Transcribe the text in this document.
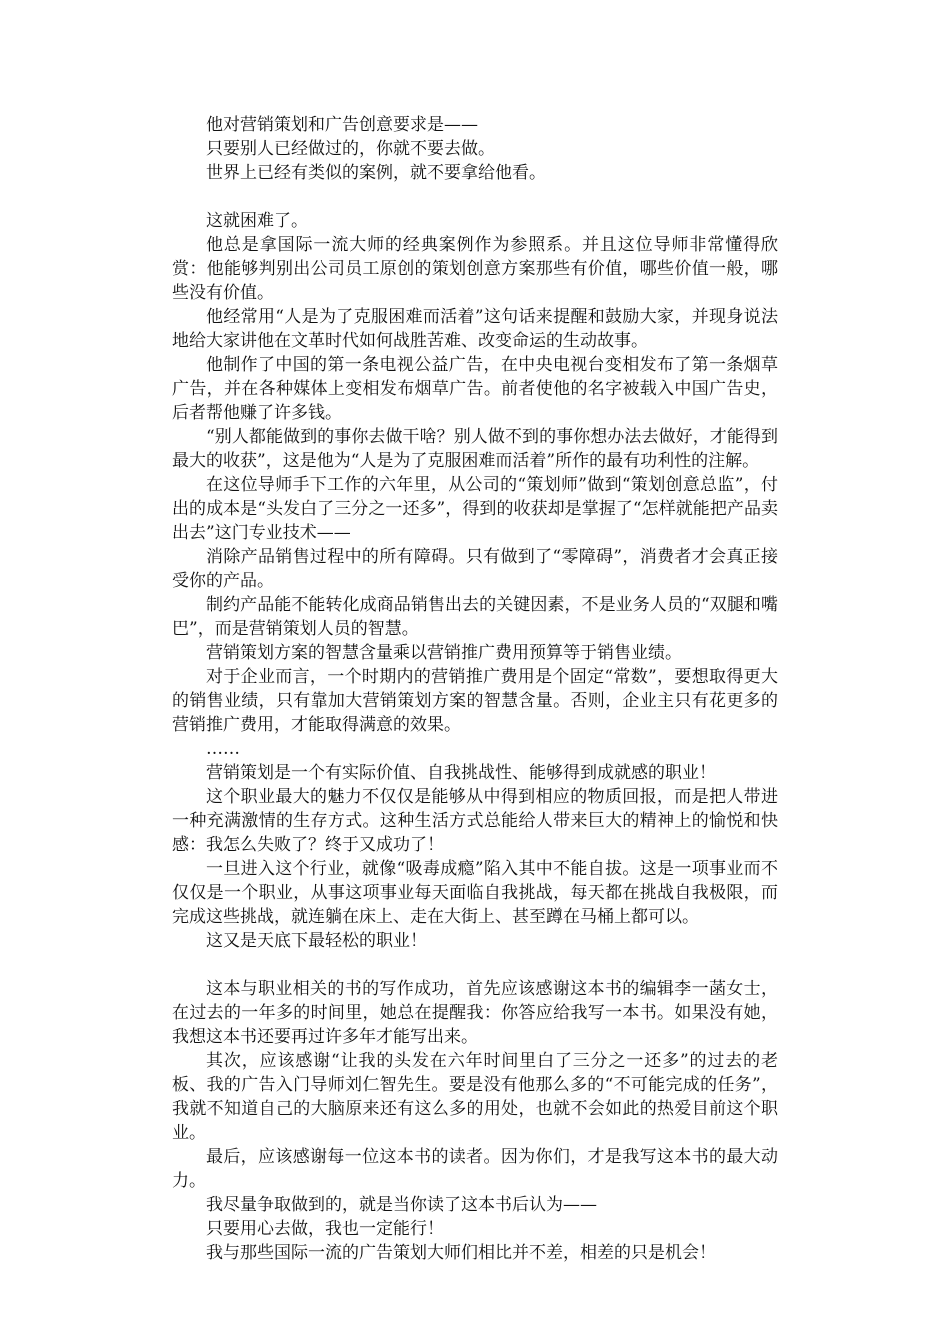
他对营销策划和广告创意要求是——

只要别人已经做过的，你就不要去做。

世界上已经有类似的案例，就不要拿给他看。

这就困难了。

他总是拿国际一流大师的经典案例作为参照系。并且这位导师非常懂得欣赏：他能够判别出公司员工原创的策划创意方案那些有价值，哪些价值一般，哪些没有价值。

他经常用“人是为了克服困难而活着”这句话来提醒和鼓励大家，并现身说法地给大家讲他在文革时代如何战胜苦难、改变命运的生动故事。

他制作了中国的第一条电视公益广告，在中央电视台变相发布了第一条烟草广告，并在各种媒体上变相发布烟草广告。前者使他的名字被载入中国广告史，后者帮他赚了许多钱。

“别人都能做到的事你去做干啥？别人做不到的事你想办法去做好，才能得到最大的收获”，这是他为“人是为了克服困难而活着”所作的最有功利性的注解。

在这位导师手下工作的六年里，从公司的“策划师”做到“策划创意总监”，付出的成本是“头发白了三分之一还多”，得到的收获却是掌握了“怎样就能把产品卖出去”这门专业技术——

消除产品销售过程中的所有障碍。只有做到了“零障碍”，消费者才会真正接受你的产品。

制约产品能不能转化成商品销售出去的关键因素，不是业务人员的“双腿和嘴巴”，而是营销策划人员的智慧。

营销策划方案的智慧含量乘以营销推广费用预算等于销售业绩。

对于企业而言，一个时期内的营销推广费用是个固定“常数”，要想取得更大的销售业绩，只有靠加大营销策划方案的智慧含量。否则，企业主只有花更多的营销推广费用，才能取得满意的效果。

……

营销策划是一个有实际价值、自我挑战性、能够得到成就感的职业！

这个职业最大的魅力不仅仅是能够从中得到相应的物质回报，而是把人带进一种充满激情的生存方式。这种生活方式总能给人带来巨大的精神上的愉悦和快感：我怎么失败了？终于又成功了！

一旦进入这个行业，就像“吸毒成瘾”陷入其中不能自拔。这是一项事业而不仅仅是一个职业，从事这项事业每天面临自我挑战，每天都在挑战自我极限，而完成这些挑战，就连躺在床上、走在大街上、甚至蹲在马桶上都可以。

这又是天底下最轻松的职业！

这本与职业相关的书的写作成功，首先应该感谢这本书的编辑李一菡女士，在过去的一年多的时间里，她总在提醒我：你答应给我写一本书。如果没有她，我想这本书还要再过许多年才能写出来。

其次，应该感谢“让我的头发在六年时间里白了三分之一还多”的过去的老板、我的广告入门导师刘仁智先生。要是没有他那么多的“不可能完成的任务”，我就不知道自己的大脑原来还有这么多的用处，也就不会如此的热爱目前这个职业。

最后，应该感谢每一位这本书的读者。因为你们，才是我写这本书的最大动力。

我尽量争取做到的，就是当你读了这本书后认为——

只要用心去做，我也一定能行！

我与那些国际一流的广告策划大师们相比并不差，相差的只是机会！
